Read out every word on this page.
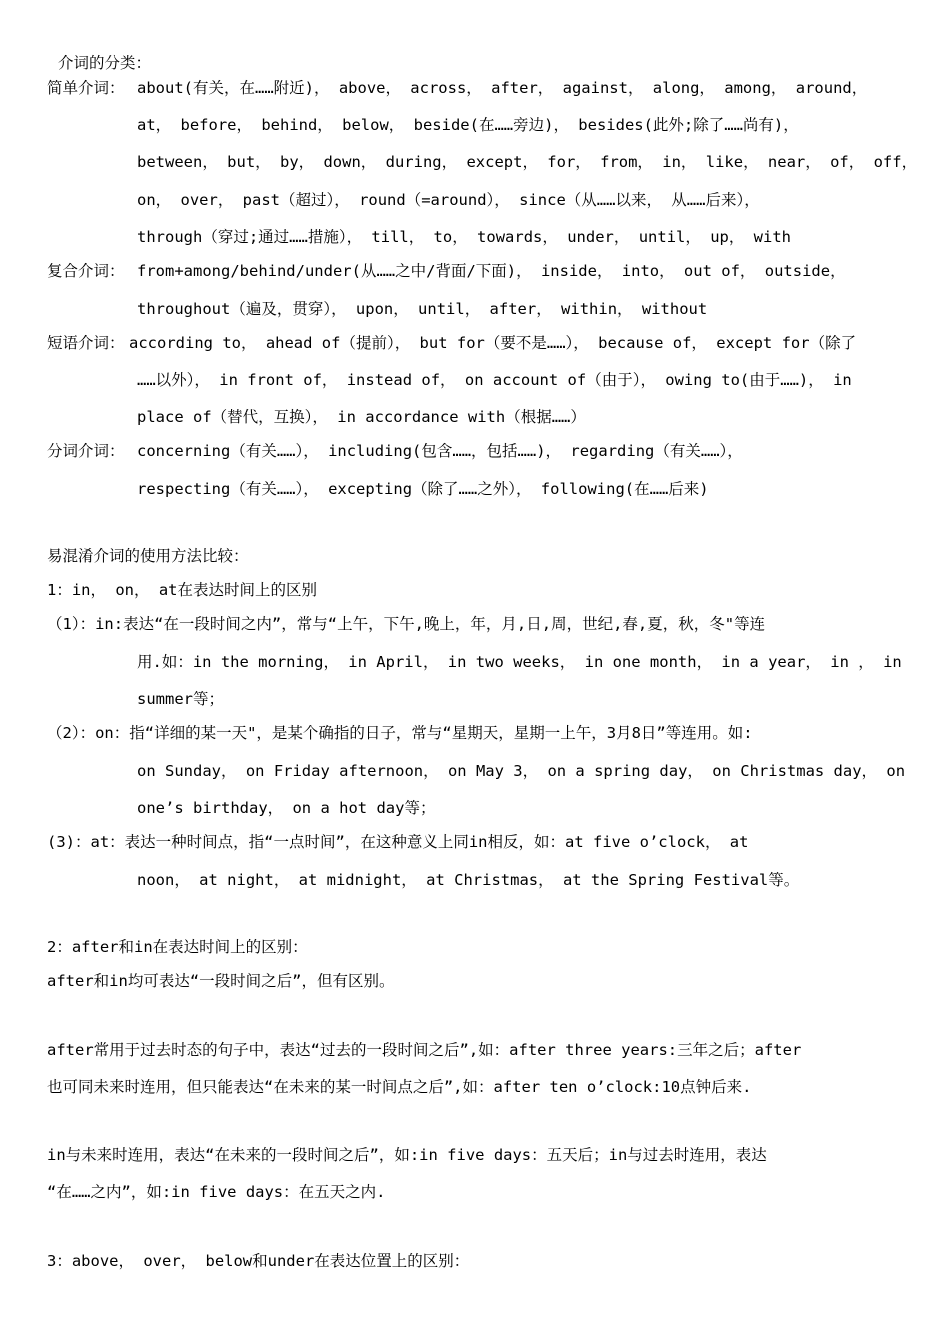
介词的分类：
简单介词： about(有关，在……附近)， above， across， after， against， along， among， around，
at， before， behind， below， beside(在……旁边)， besides(此外;除了……尚有)，
between， but， by， down， during， except， for， from， in， like， near， of， off，
on， over， past（超过）， round（=around）， since（从……以来， 从……后来），
through（穿过;通过……措施）， till， to， towards， under， until， up， with
复合介词： from+among/behind/under(从……之中/背面/下面)， inside， into， out of， outside，
throughout（遍及，贯穿）， upon， until， after， within， without
短语介词： according to， ahead of（提前）， but for（要不是……）， because of， except for（除了
……以外）， in front of， instead of， on account of（由于）， owing to(由于……)， in
place of（替代，互换）， in accordance with（根据……）
分词介词： concerning（有关……）， including(包含……，包括……)， regarding（有关……），
respecting（有关……）， excepting（除了……之外）， following(在……后来)
易混淆介词的使用方法比较：
1：in， on， at在表达时间上的区别
（1）：in:表达“在一段时间之内”，常与“上午，下午,晚上，年，月,日,周，世纪,春,夏，秋，冬"等连
用.如：in the morning， in April， in two weeks， in one month， in a year， in ， in
summer等；
（2）：on：指“详细的某一天"，是某个确指的日子，常与“星期天，星期一上午，3月8日”等连用。如:
on Sunday， on Friday afternoon， on May 3， on a spring day， on Christmas day， on
one’s birthday， on a hot day等；
(3)：at：表达一种时间点，指“一点时间”，在这种意义上同in相反，如：at five o’clock， at
noon， at night， at midnight， at Christmas， at the Spring Festival等。
2：after和in在表达时间上的区别：
after和in均可表达“一段时间之后”，但有区别。
after常用于过去时态的句子中，表达“过去的一段时间之后”,如：after three years:三年之后；after
也可同未来时连用，但只能表达“在未来的某一时间点之后”,如：after ten o’clock:10点钟后来.
in与未来时连用，表达“在未来的一段时间之后”，如:in five days：五天后；in与过去时连用，表达
“在……之内”，如:in five days：在五天之内.
3：above， over， below和under在表达位置上的区别：
